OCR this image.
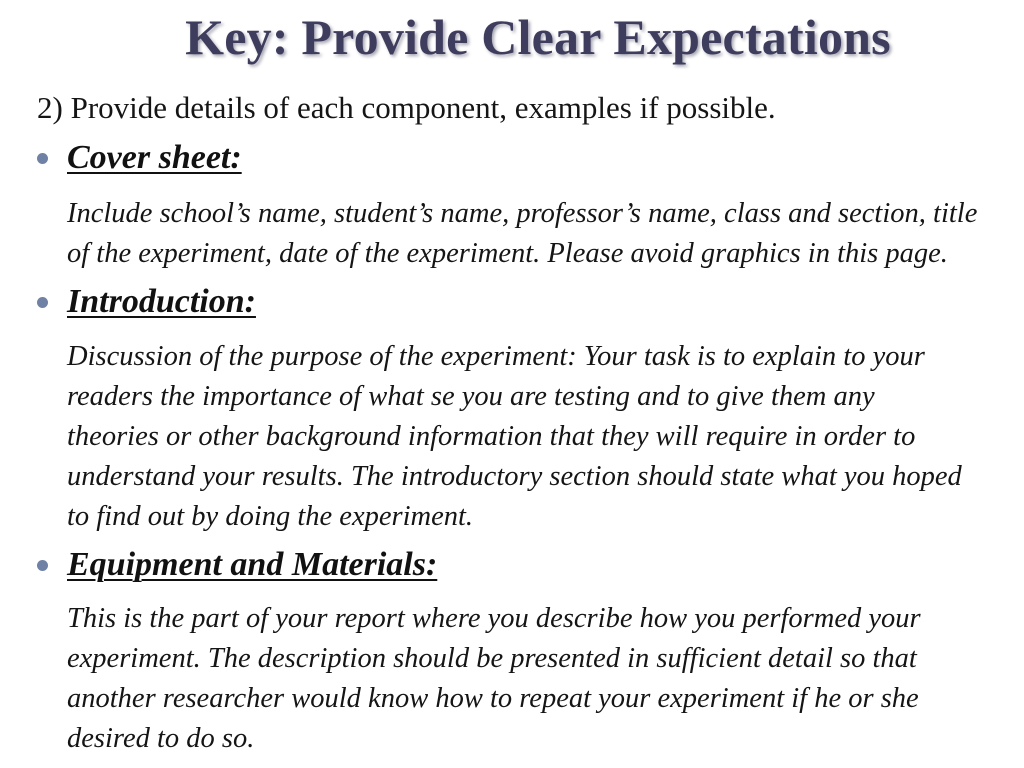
Key: Provide Clear Expectations
2) Provide details of each component, examples if possible.
Cover sheet:

Include school’s name, student’s name, professor’s name, class and section, title
of the experiment, date of the experiment. Please avoid graphics in this page.

Introduction:

Discussion of the purpose of the experiment: Your task is to explain to your
readers the importance of what se you are testing and to give them any
theories or other background information that they will require in order to
understand your results. The introductory section should state what you hoped
to find out by doing the experiment.

Equipment and Materials:

This is the part of your report where you describe how you performed your
experiment. The description should be presented in sufficient detail so that
another researcher would know how to repeat your experiment if he or she
desired to do so.
